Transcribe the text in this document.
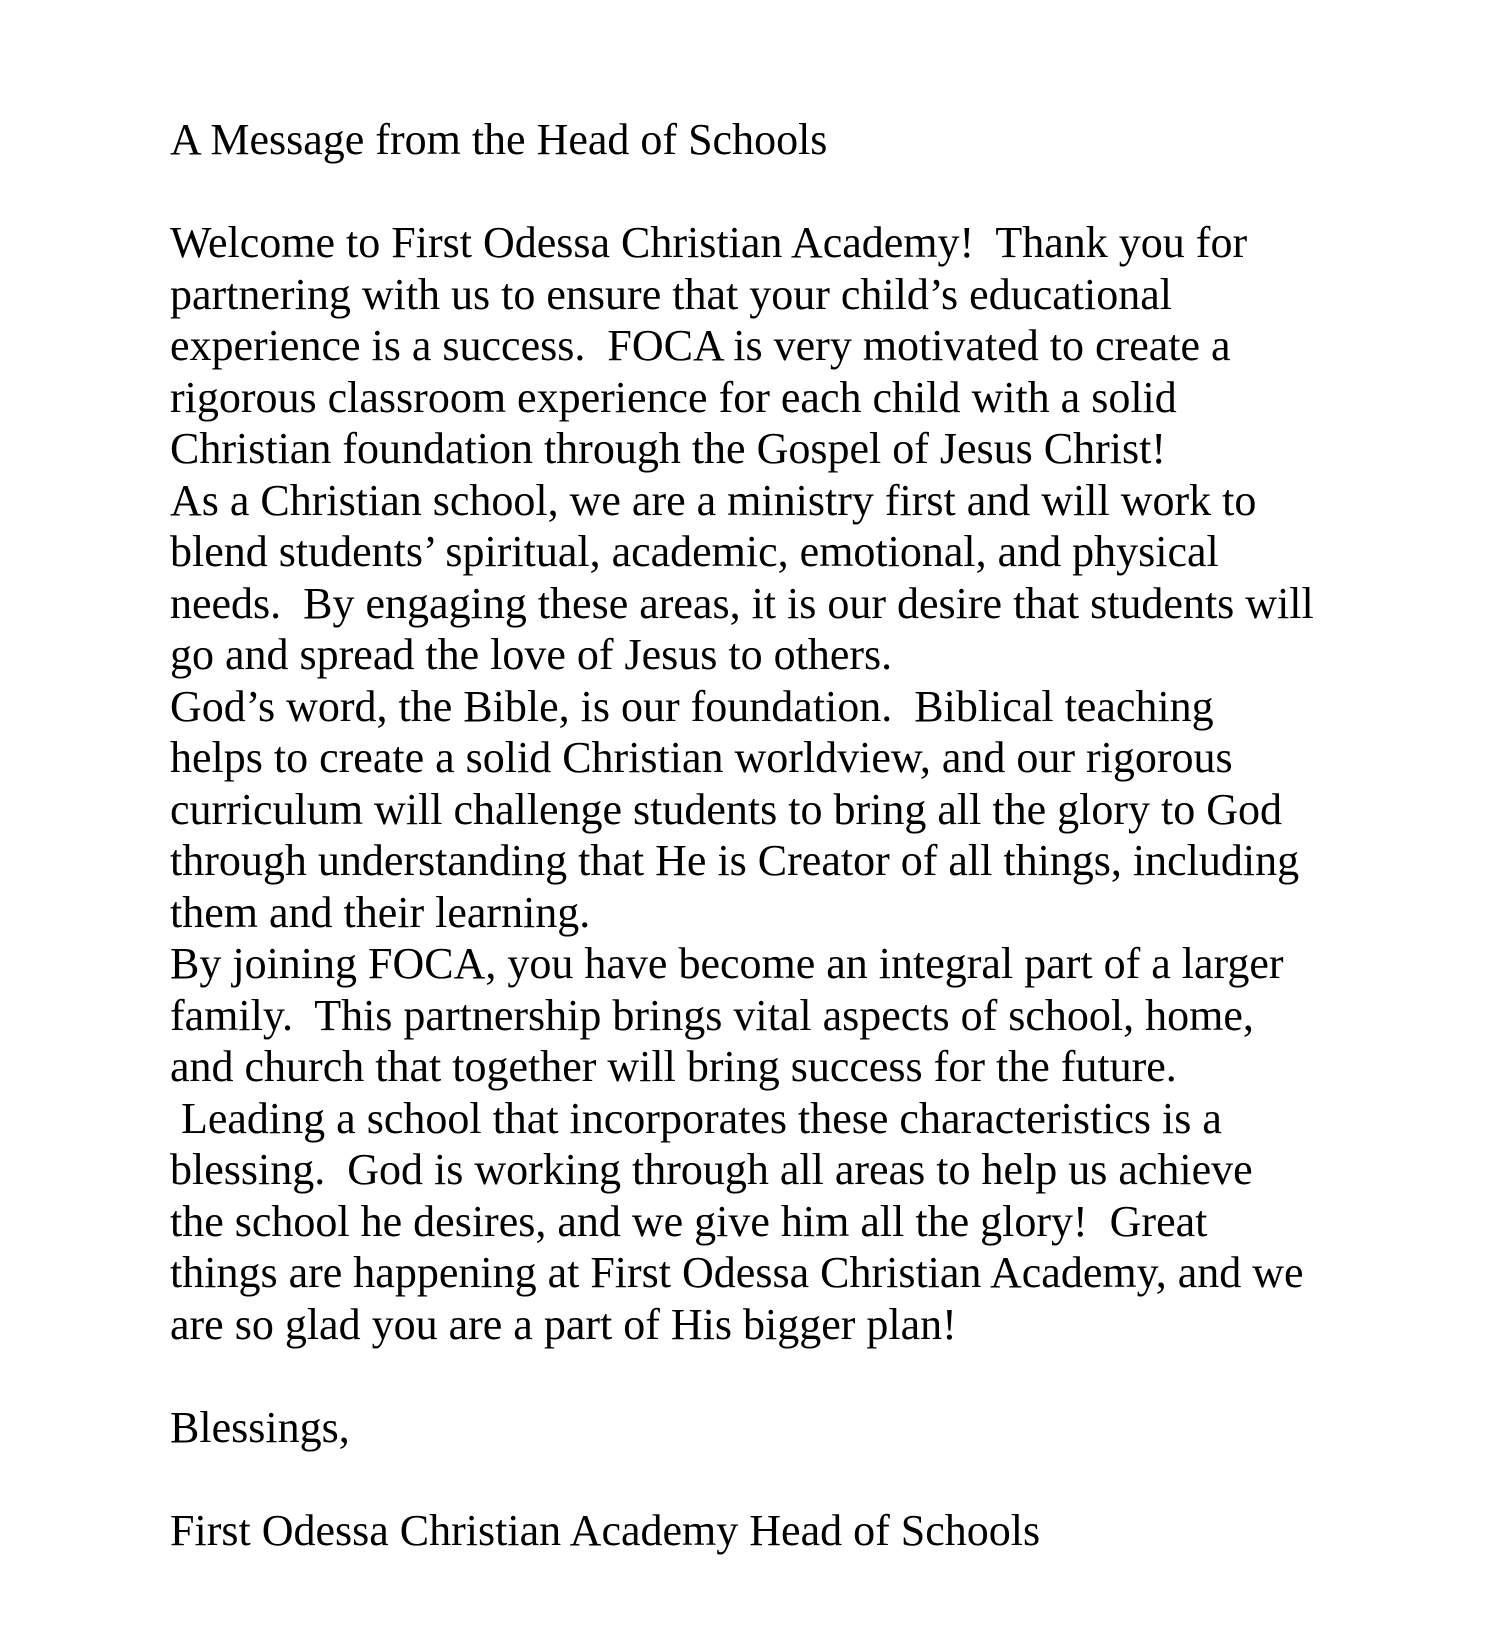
A Message from the Head of Schools
Welcome to First Odessa Christian Academy!  Thank you for
partnering with us to ensure that your child’s educational
experience is a success.  FOCA is very motivated to create a
rigorous classroom experience for each child with a solid
Christian foundation through the Gospel of Jesus Christ!
As a Christian school, we are a ministry first and will work to
blend students’ spiritual, academic, emotional, and physical
needs.  By engaging these areas, it is our desire that students will
go and spread the love of Jesus to others.
God’s word, the Bible, is our foundation.  Biblical teaching
helps to create a solid Christian worldview, and our rigorous
curriculum will challenge students to bring all the glory to God
through understanding that He is Creator of all things, including
them and their learning.
By joining FOCA, you have become an integral part of a larger
family.  This partnership brings vital aspects of school, home,
and church that together will bring success for the future.
Leading a school that incorporates these characteristics is a
blessing.  God is working through all areas to help us achieve
the school he desires, and we give him all the glory!  Great
things are happening at First Odessa Christian Academy, and we
are so glad you are a part of His bigger plan!
Blessings,
First Odessa Christian Academy Head of Schools
